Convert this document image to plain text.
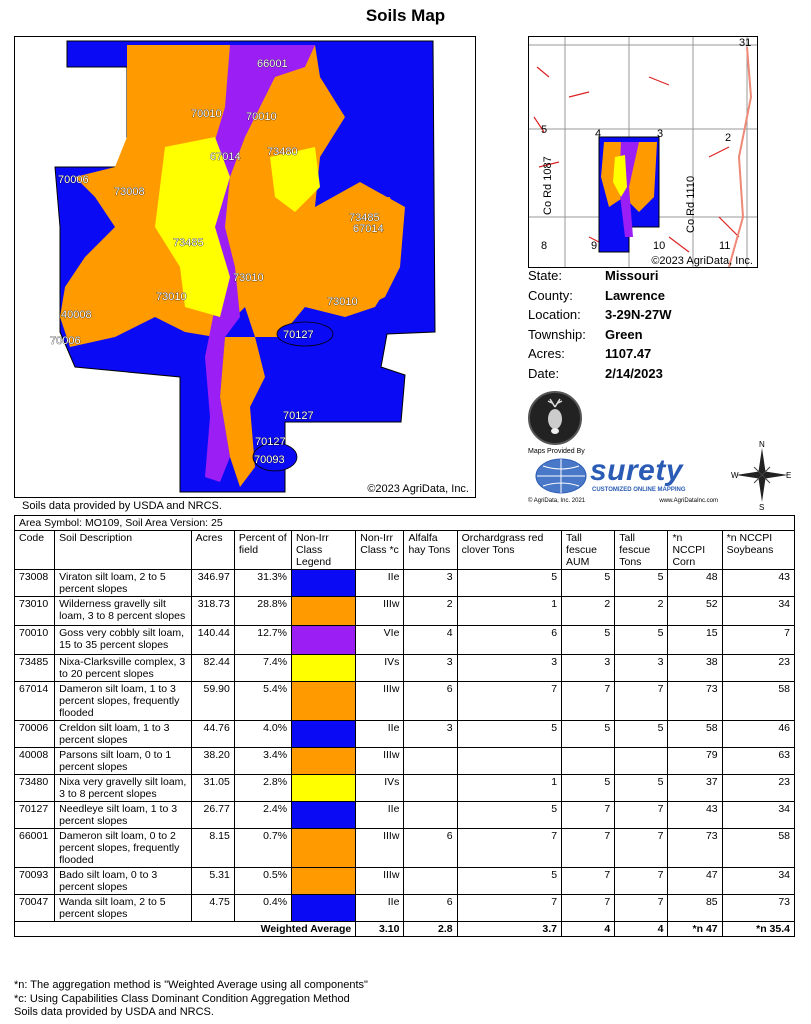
Soils Map
66001
70010 70010
67014 73480
70006
73008
73485
67014
73485
73010
73010	73010
40008
70006	70127
70127
70127
70093
©2023 AgriData, Inc.
Soils data provided by USDA and NRCS.
31
5	4	3	2
8	9	10	11
Co Rd 1087	Co Rd 1110
©2023 AgriData, Inc.
State:	Missouri
County:	Lawrence
Location:	3-29N-27W
Township:	Green
Acres:	1107.47
Date:	2/14/2023
Maps Provided By
surety
CUSTOMIZED ONLINE MAPPING
© AgriData, Inc. 2021	www.AgriDataInc.com
N
S
E
W
Area Symbol: MO109, Soil Area Version: 25											
Code	Soil Description	Acres	Percent of field	Non-Irr Class Legend	Non-Irr Class *c	Alfalfa hay Tons	Orchardgrass red clover Tons	Tall fescue AUM	Tall fescue Tons	*n NCCPI Corn	*n NCCPI Soybeans
73008	Viraton silt loam, 2 to 5 percent slopes	346.97	31.3%		IIe	3	5	5	5	48	43
73010	Wilderness gravelly silt loam, 3 to 8 percent slopes	318.73	28.8%		IIIw	2	1	2	2	52	34
70010	Goss very cobbly silt loam, 15 to 35 percent slopes	140.44	12.7%		VIe	4	6	5	5	15	7
73485	Nixa-Clarksville complex, 3 to 20 percent slopes	82.44	7.4%		IVs	3	3	3	3	38	23
67014	Dameron silt loam, 1 to 3 percent slopes, frequently flooded	59.90	5.4%		IIIw	6	7	7	7	73	58
70006	Creldon silt loam, 1 to 3 percent slopes	44.76	4.0%		IIe	3	5	5	5	58	46
40008	Parsons silt loam, 0 to 1 percent slopes	38.20	3.4%		IIIw					79	63
73480	Nixa very gravelly silt loam, 3 to 8 percent slopes	31.05	2.8%		IVs		1	5	5	37	23
70127	Needleye silt loam, 1 to 3 percent slopes	26.77	2.4%		IIe		5	7	7	43	34
66001	Dameron silt loam, 0 to 2 percent slopes, frequently flooded	8.15	0.7%		IIIw	6	7	7	7	73	58
70093	Bado silt loam, 0 to 3 percent slopes	5.31	0.5%		IIIw		5	7	7	47	34
70047	Wanda silt loam, 2 to 5 percent slopes	4.75	0.4%		IIe	6	7	7	7	85	73
Weighted Average					3.10	2.8	3.7	4	4	*n 47	*n 35.4
*n: The aggregation method is "Weighted Average using all components"
*c: Using Capabilities Class Dominant Condition Aggregation Method
Soils data provided by USDA and NRCS.
